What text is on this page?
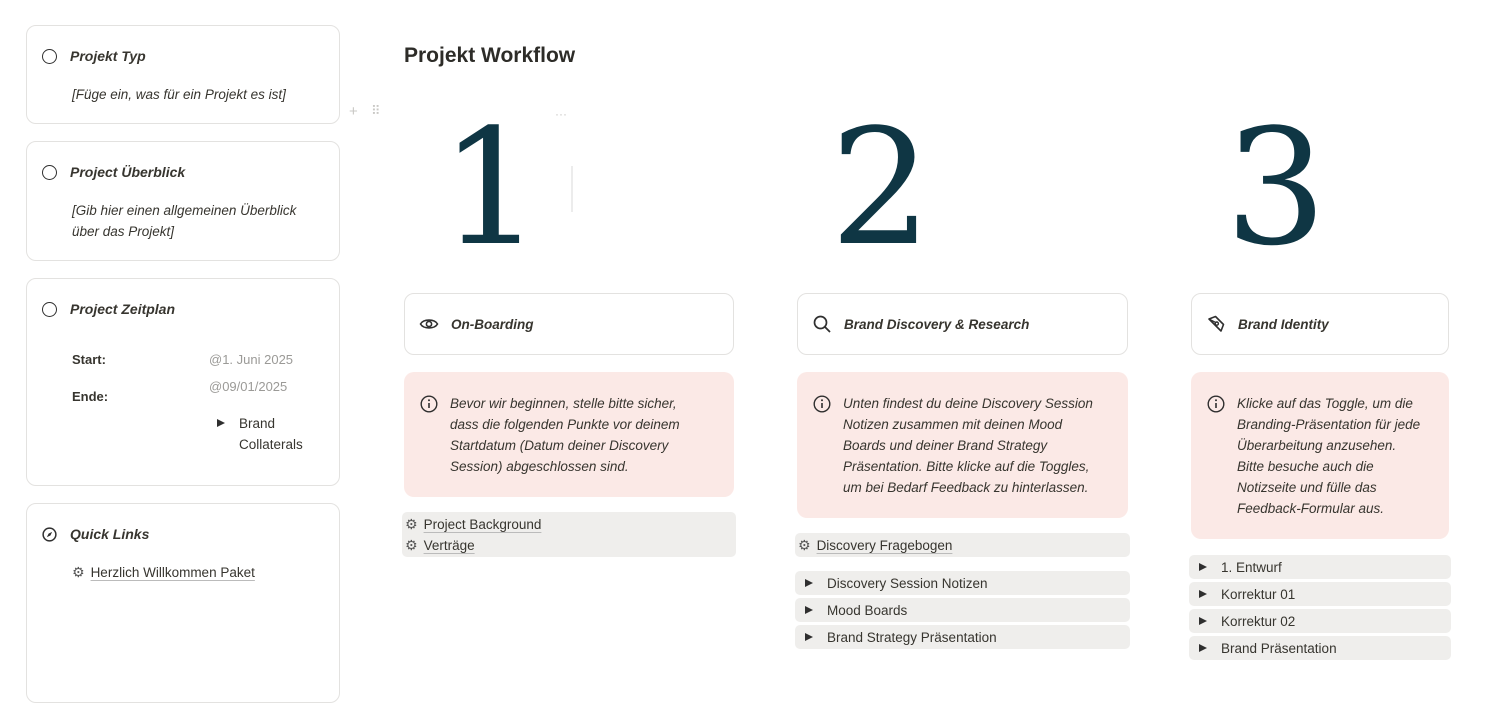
Projekt Typ
[Füge ein, was für ein Projekt es ist]
Project Überblick
[Gib hier einen allgemeinen Überblick
über das Projekt]
Project Zeitplan
Start:	@1. Juni 2025
Ende:
@09/01/2025
Brand
Collaterals
Quick Links
⚙ Herzlich Willkommen Paket
Projekt Workflow
+ ⠿	···
1 2 3
On-Boarding
Bevor wir beginnen, stelle bitte sicher,
dass die folgenden Punkte vor deinem
Startdatum (Datum deiner Discovery
Session) abgeschlossen sind.
⚙ Project Background
⚙ Verträge
Brand Discovery & Research
Unten findest du deine Discovery Session
Notizen zusammen mit deinen Mood
Boards und deiner Brand Strategy
Präsentation. Bitte klicke auf die Toggles,
um bei Bedarf Feedback zu hinterlassen.
⚙ Discovery Fragebogen
Discovery Session Notizen
Mood Boards
Brand Strategy Präsentation
Brand Identity
Klicke auf das Toggle, um die
Branding-Präsentation für jede
Überarbeitung anzusehen.
Bitte besuche auch die
Notizseite und fülle das
Feedback-Formular aus.
1. Entwurf
Korrektur 01
Korrektur 02
Brand Präsentation
